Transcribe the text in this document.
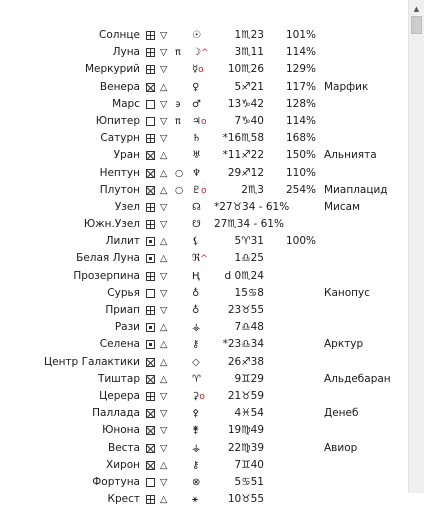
Солнце ▽ ☉	1♏23 101%
Луна ▽ π ☽^	3♏11 114%
Меркурий ▽ ☿o	10♏26 129%
Венера △ ♀	5♐21 117% Марфик
Марс ▽ ϶ ♂	13♑42 128%
Юпитер ▽ π ♃o	7♑40 114%
Сатурн ▽ ♄	*16♏58 168%
Уран △ ♅	*11♐22 150% Альнията
Нептун △ ○ ♆	29♐12 110%
Плутон △ ○ ♇o	2♏3 254% Миаплацид
Узел ▽ ☊ *27♉34 - 61%	Мисам
Южн.Узел ▽ ☋ 27♏34 - 61%
Лилит △ ⚸	5♈31 100%
Белая Луна △ ℜ^	1♎25
Прозерпина ▽ Ⱨ	d 0♏24
Сурья ▽ ♁	15♋8	Канопус
Приап ▽ ♁	23♉55
Рази △ ⚶	7♎48
Селена △ ⚷	*23♎34	Арктур
Центр Галактики △ ◇	26♐38
Тиштар △ ♈	9♊29	Альдебаран
Церера ▽ ⚳o	21♉59
Паллада ▽ ⚴	4♓54	Денеб
Юнона ▽ ⚵	19♍49
Веста ▽ ⚶	22♍39	Авиор
Хирон △ ⚷	7♊40
Фортуна ▽ ⊗	5♋51
Крест △ ⚹	10♉55
▲
